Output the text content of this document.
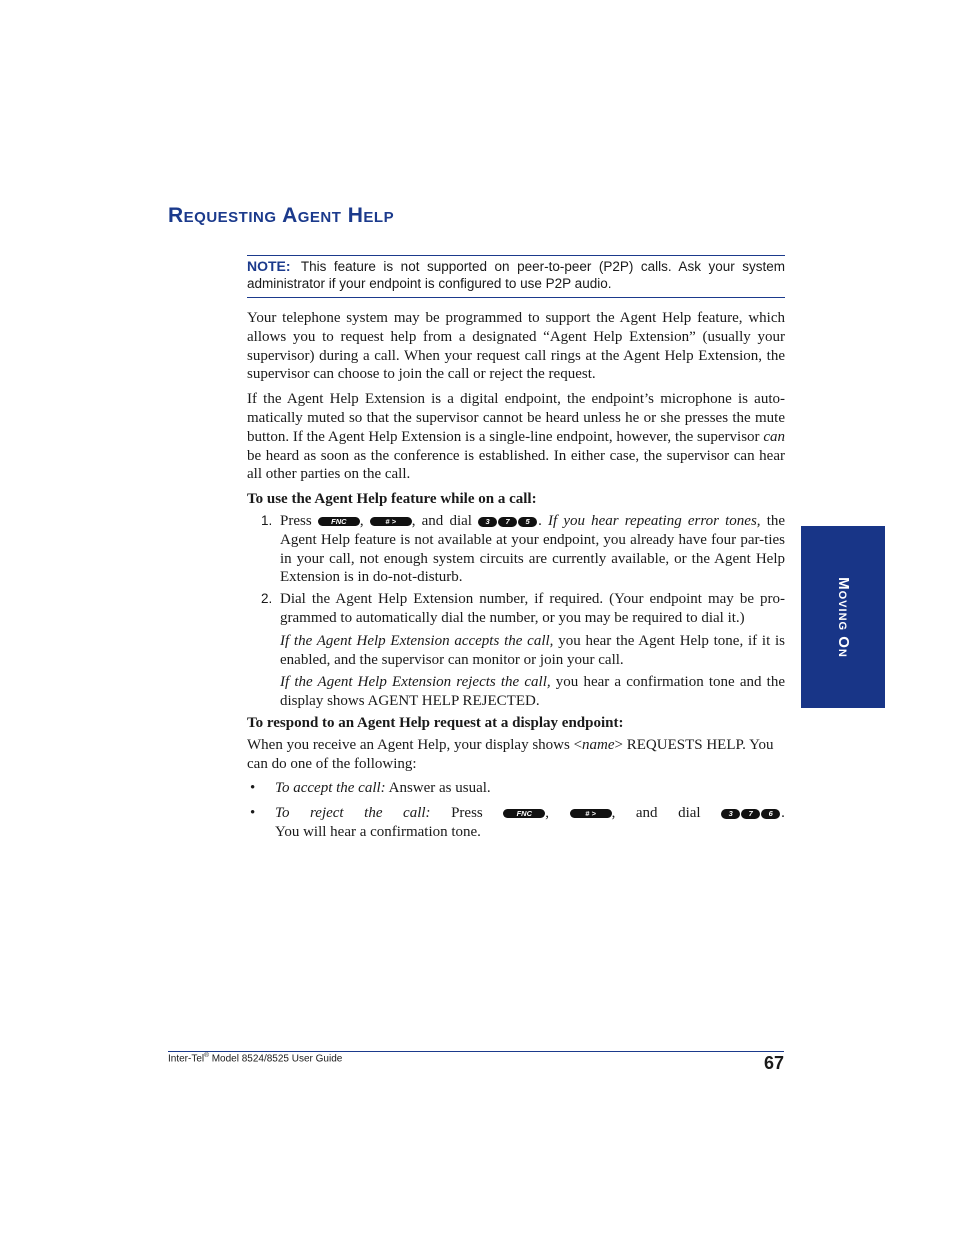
Requesting Agent Help
NOTE: This feature is not supported on peer-to-peer (P2P) calls. Ask your system administrator if your endpoint is configured to use P2P audio.

Your telephone system may be programmed to support the Agent Help feature, which allows you to request help from a designated “Agent Help Extension” (usually your supervisor) during a call. When your request call rings at the Agent Help Extension, the supervisor can choose to join the call or reject the request.

If the Agent Help Extension is a digital endpoint, the endpoint’s microphone is auto-matically muted so that the supervisor cannot be heard unless he or she presses the mute button. If the Agent Help Extension is a single-line endpoint, however, the supervisor can be heard as soon as the conference is established. In either case, the supervisor can hear all other parties on the call.

To use the Agent Help feature while on a call:

1. Press	FNC ,	# > , and dial 3 7 5 . If you hear repeating error tones, the Agent Help feature is not available at your endpoint, you already have four par-ties in your call, not enough system circuits are currently available, or the Agent Help Extension is in do-not-disturb.

2. Dial the Agent Help Extension number, if required. (Your endpoint may be pro-grammed to automatically dial the number, or you may be required to dial it.)

If the Agent Help Extension accepts the call, you hear the Agent Help tone, if it is enabled, and the supervisor can monitor or join your call.

If the Agent Help Extension rejects the call, you hear a confirmation tone and the display shows AGENT HELP REJECTED.

To respond to an Agent Help request at a display endpoint:

When you receive an Agent Help, your display shows <name> REQUESTS HELP. You can do one of the following:

• To accept the call: Answer as usual.
• To reject the call: Press	FNC ,	# > , and dial	3 7 6 .
You will hear a confirmation tone.
Moving On
Inter-Tel® Model 8524/8525 User Guide	67
